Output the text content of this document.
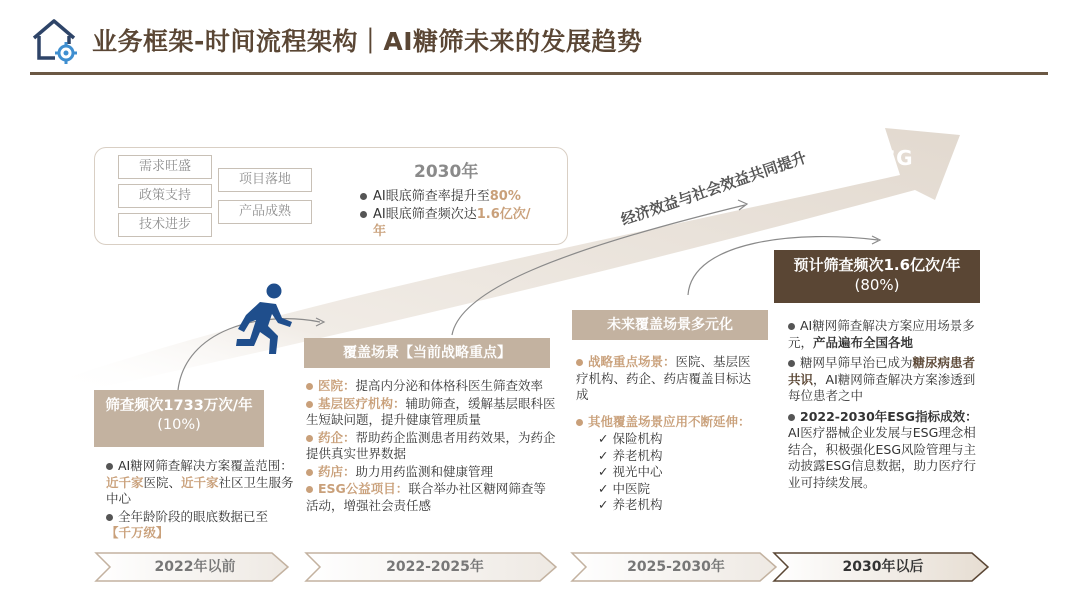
业务框架-时间流程架构｜AI糖筛未来的发展趋势
ESG
经济效益与社会效益共同提升
需求旺盛
政策支持
技术进步
项目落地
产品成熟
2030年
AI眼底筛查率提升至80%
AI眼底筛查频次达1.6亿次/
年
筛查频次1733万次/年
(10%)
AI糖网筛查解决方案覆盖范围：近千家医院、近千家社区卫生服务中心
全年龄阶段的眼底数据已至
【千万级】
覆盖场景【当前战略重点】
医院：提高内分泌和体格科医生筛查效率
基层医疗机构：辅助筛查，缓解基层眼科医生短缺问题，提升健康管理质量
药企：帮助药企监测患者用药效果，为药企提供真实世界数据
药店：助力用药监测和健康管理
ESG公益项目：联合举办社区糖网筛查等活动，增强社会责任感
未来覆盖场景多元化
战略重点场景：医院、基层医疗机构、药企、药店覆盖目标达成
其他覆盖场景应用不断延伸：
✓ 保险机构
✓ 养老机构
✓ 视光中心
✓ 中医院
✓ 养老机构
预计筛查频次1.6亿次/年
(80%)
AI糖网筛查解决方案应用场景多元，产品遍布全国各地
糖网早筛早治已成为糖尿病患者共识，AI糖网筛查解决方案渗透到每位患者之中
2022-2030年ESG指标成效：
AI医疗器械企业发展与ESG理念相结合，积极强化ESG风险管理与主动披露ESG信息数据，助力医疗行业可持续发展。
2022年以前	2022-2025年	2025-2030年	2030年以后
